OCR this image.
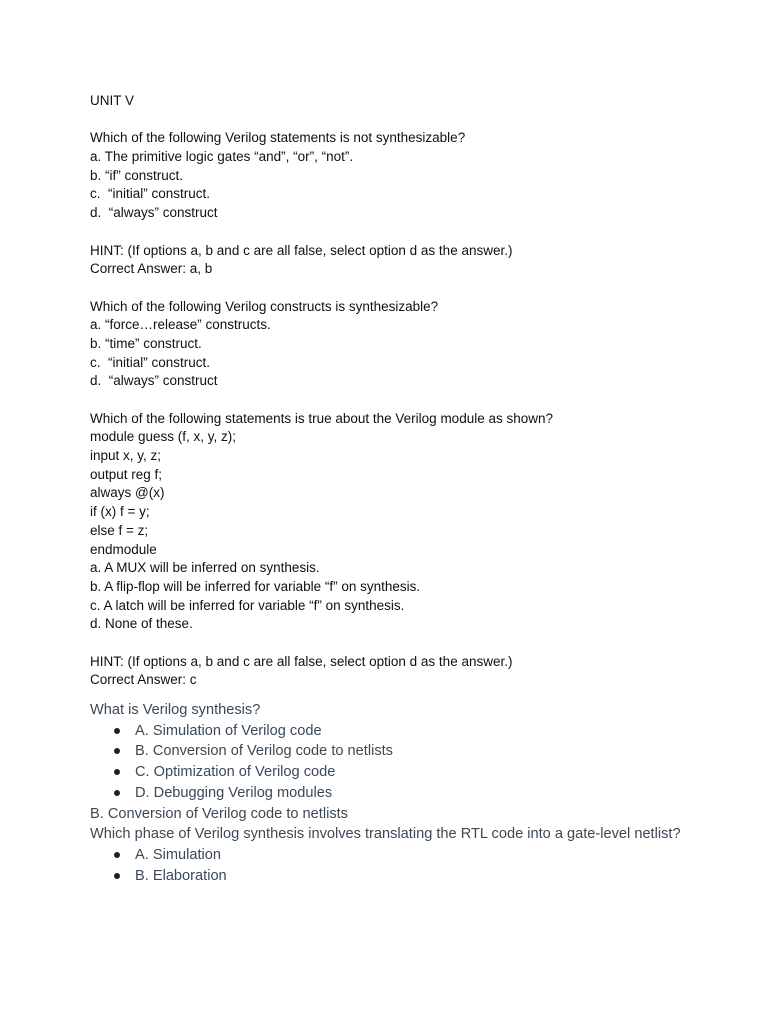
UNIT V
Which of the following Verilog statements is not synthesizable?
a. The primitive logic gates “and”, “or”, “not”.
b. “if” construct.
c.  “initial” construct.
d.  “always” construct
HINT: (If options a, b and c are all false, select option d as the answer.)
Correct Answer: a, b
Which of the following Verilog constructs is synthesizable?
a. “force…release” constructs.
b. “time” construct.
c.  “initial” construct.
d.  “always” construct
Which of the following statements is true about the Verilog module as shown?
module guess (f, x, y, z);
input x, y, z;
output reg f;
always @(x)
if (x) f = y;
else f = z;
endmodule
a. A MUX will be inferred on synthesis.
b. A flip-flop will be inferred for variable “f” on synthesis.
c. A latch will be inferred for variable “f” on synthesis.
d. None of these.
HINT: (If options a, b and c are all false, select option d as the answer.)
Correct Answer: c
What is Verilog synthesis?
A. Simulation of Verilog code
B. Conversion of Verilog code to netlists
C. Optimization of Verilog code
D. Debugging Verilog modules
B. Conversion of Verilog code to netlists
Which phase of Verilog synthesis involves translating the RTL code into a gate-level netlist?
A. Simulation
B. Elaboration
